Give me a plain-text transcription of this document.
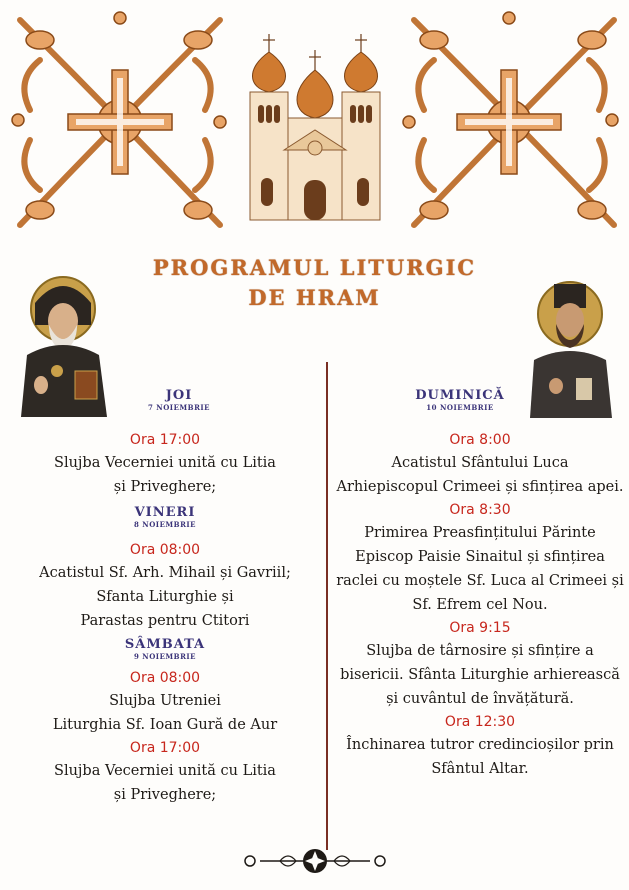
PROGRAMUL LITURGIC
DE HRAM
JOI
7 NOIEMBRIE
Ora 17:00
Slujba Vecerniei unită cu Litia
și Priveghere;
VINERI
8 NOIEMBRIE
Ora 08:00
Acatistul Sf. Arh. Mihail și Gavriil;
Sfanta Liturghie și
Parastas pentru Ctitori
SÂMBATA
9 NOIEMBRIE
Ora 08:00
Slujba Utreniei
Liturghia Sf. Ioan Gură de Aur
Ora 17:00
Slujba Vecerniei unită cu Litia
și Priveghere;
DUMINICĂ
10 NOIEMBRIE
Ora 8:00
Acatistul Sfântului Luca
Arhiepiscopul Crimeei și sfințirea apei.
Ora 8:30
Primirea Preasfințitului Părinte
Episcop Paisie Sinaitul și sfințirea
raclei cu moștele Sf. Luca al Crimeei și
Sf. Efrem cel Nou.
Ora 9:15
Slujba de târnosire și sfințire a
bisericii. Sfânta Liturghie arhierească
și cuvântul de învățătură.
Ora 12:30
Închinarea tutror credincioșilor prin
Sfântul Altar.
